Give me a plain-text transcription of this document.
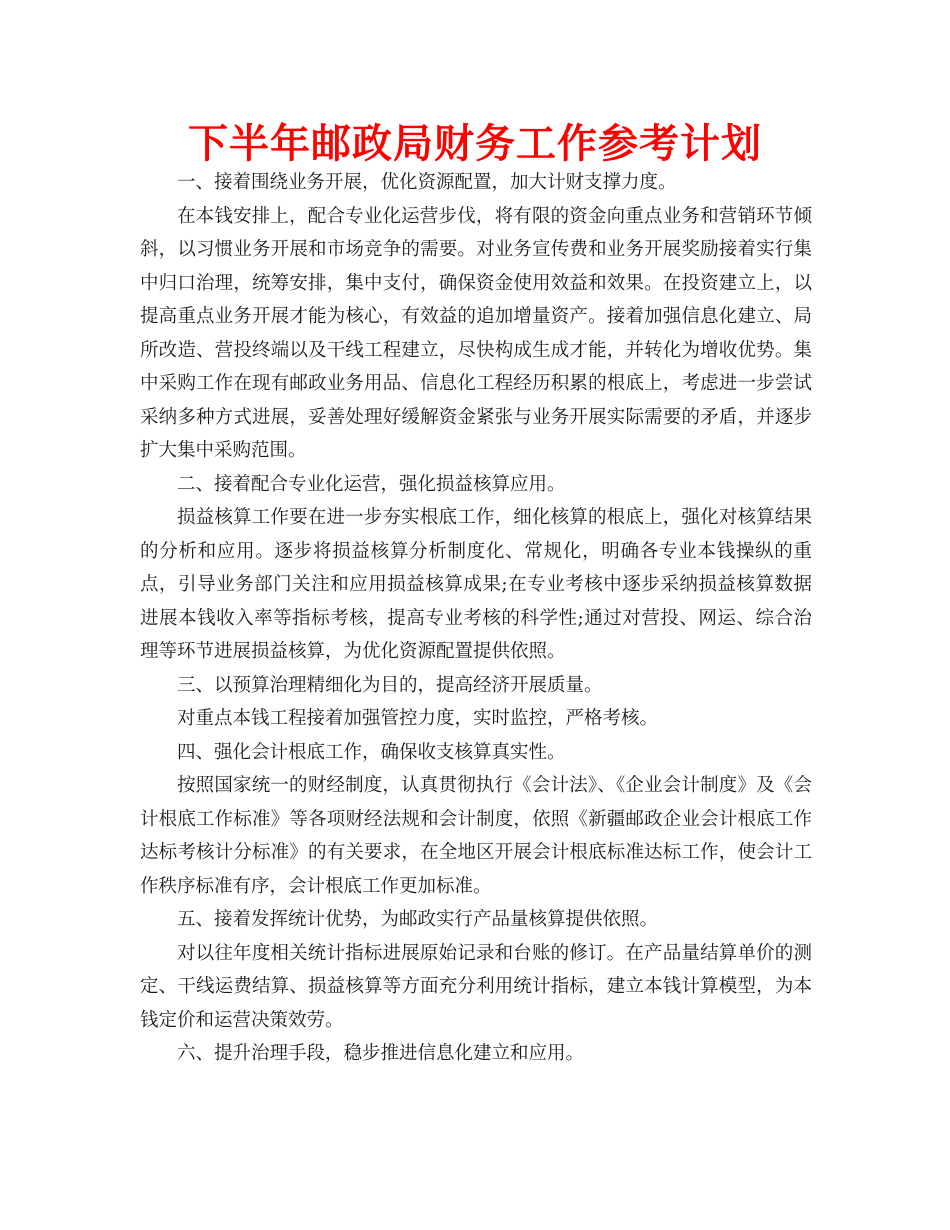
下半年邮政局财务工作参考计划

一、接着围绕业务开展，优化资源配置，加大计财支撑力度。

在本钱安排上，配合专业化运营步伐，将有限的资金向重点业务和营销环节倾斜，以习惯业务开展和市场竞争的需要。对业务宣传费和业务开展奖励接着实行集中归口治理，统筹安排，集中支付，确保资金使用效益和效果。在投资建立上，以提高重点业务开展才能为核心，有效益的追加增量资产。接着加强信息化建立、局所改造、营投终端以及干线工程建立，尽快构成生成才能，并转化为增收优势。集中采购工作在现有邮政业务用品、信息化工程经历积累的根底上，考虑进一步尝试采纳多种方式进展，妥善处理好缓解资金紧张与业务开展实际需要的矛盾，并逐步扩大集中采购范围。

二、接着配合专业化运营，强化损益核算应用。

损益核算工作要在进一步夯实根底工作，细化核算的根底上，强化对核算结果的分析和应用。逐步将损益核算分析制度化、常规化，明确各专业本钱操纵的重点，引导业务部门关注和应用损益核算成果;在专业考核中逐步采纳损益核算数据进展本钱收入率等指标考核，提高专业考核的科学性;通过对营投、网运、综合治理等环节进展损益核算，为优化资源配置提供依照。

三、以预算治理精细化为目的，提高经济开展质量。

对重点本钱工程接着加强管控力度，实时监控，严格考核。

四、强化会计根底工作，确保收支核算真实性。

按照国家统一的财经制度，认真贯彻执行《会计法》、《企业会计制度》及《会计根底工作标准》等各项财经法规和会计制度，依照《新疆邮政企业会计根底工作达标考核计分标准》的有关要求，在全地区开展会计根底标准达标工作，使会计工作秩序标准有序，会计根底工作更加标准。

五、接着发挥统计优势，为邮政实行产品量核算提供依照。

对以往年度相关统计指标进展原始记录和台账的修订。在产品量结算单价的测定、干线运费结算、损益核算等方面充分利用统计指标，建立本钱计算模型，为本钱定价和运营决策效劳。

六、提升治理手段，稳步推进信息化建立和应用。
